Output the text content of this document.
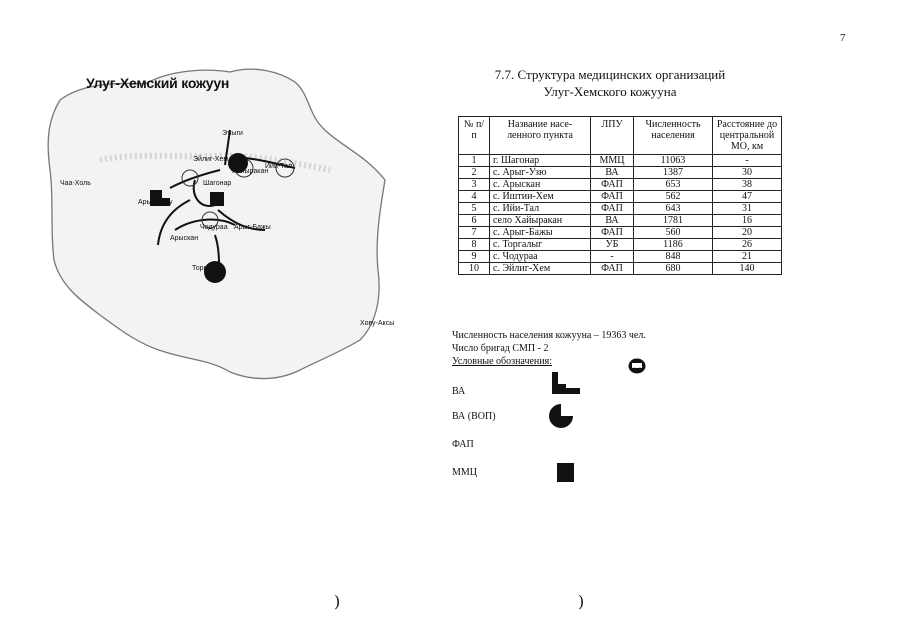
7
Улуг-Хемский кожуун
Чаа-Холь
Хову-Аксы
Эъыги
Эйлиг-Хем
Хайыракан
Ийи-Тал
Шагонар
Арыг-Узюу
Арыскан
Чодураа Арыг-Бажы
Торгалыг
7.7. Структура медицинских организаций
Улуг-Хемского кожууна
№ п/п	Название насе-ленного пункта	ЛПУ	Численность населения	Расстояние до центральной МО, км
1	г. Шагонар	ММЦ	11063	-
2	с. Арыг-Узю	ВА	1387	30
3	с. Арыскан	ФАП	653	38
4	с. Иштии-Хем	ФАП	562	47
5	с. Ийи-Тал	ФАП	643	31
6	село Хайыракан	ВА	1781	16
7	с. Арыг-Бажы	ФАП	560	20
8	с. Торгалыг	УБ	1186	26
9	с. Чодураа	-	848	21
10	с. Эйлиг-Хем	ФАП	680	140
Численность населения кожууна – 19363 чел.
Число бригад СМП - 2
Условные обозначения:
ВА
ВА (ВОП)
ФАП
ММЦ
)	)
